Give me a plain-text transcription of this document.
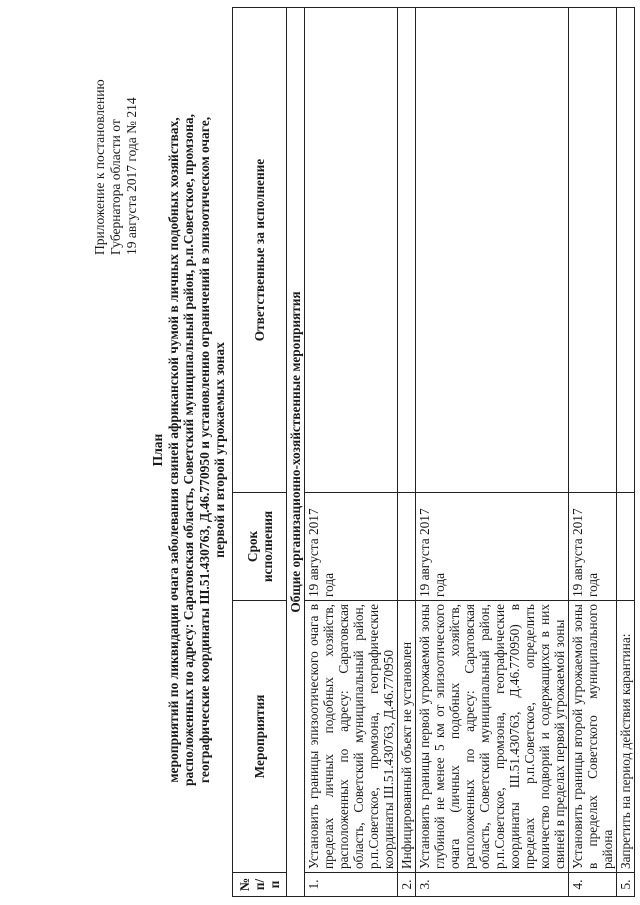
Приложение к постановлению Губернатора области от 19 августа 2017 года № 214
План мероприятий по ликвидации очага заболевания свиней африканской чумой в личных подобных хозяйствах, расположенных по адресу: Саратовская область, Советский муниципальный район, р.п.Советское, промзона, географические координаты Ш.51.430763, Д.46.770950 и установлению ограничений в эпизоотическом очаге, первой и второй угрожаемых зонах
№ п/п	Мероприятия	Срок исполнения	Ответственные за исполнение
Общие организационно-хозяйственные мероприятия			
1.	Установить границы эпизоотического очага в пределах личных подобных хозяйств, расположенных по адресу: Саратовская область, Советский муниципальный район, р.п.Советское, промзона, географические координаты Ш.51.430763, Д.46.770950	19 августа 2017 года	
2.	Инфицированный объект не установлен		
3.	Установить границы первой угрожаемой зоны глубиной не менее 5 км от эпизоотического очага (личных подобных хозяйств, расположенных по адресу: Саратовская область, Советский муниципальный район, р.п.Советское, промзона, географические координаты Ш.51.430763, Д.46.770950) в пределах р.п.Советское, определить количество подворий и содержащихся в них свиней в пределах первой угрожаемой зоны	19 августа 2017 года	
4.	Установить границы второй угрожаемой зоны в пределах Советского муниципального района	19 августа 2017 года	
5.	Запретить на период действия карантина:		
